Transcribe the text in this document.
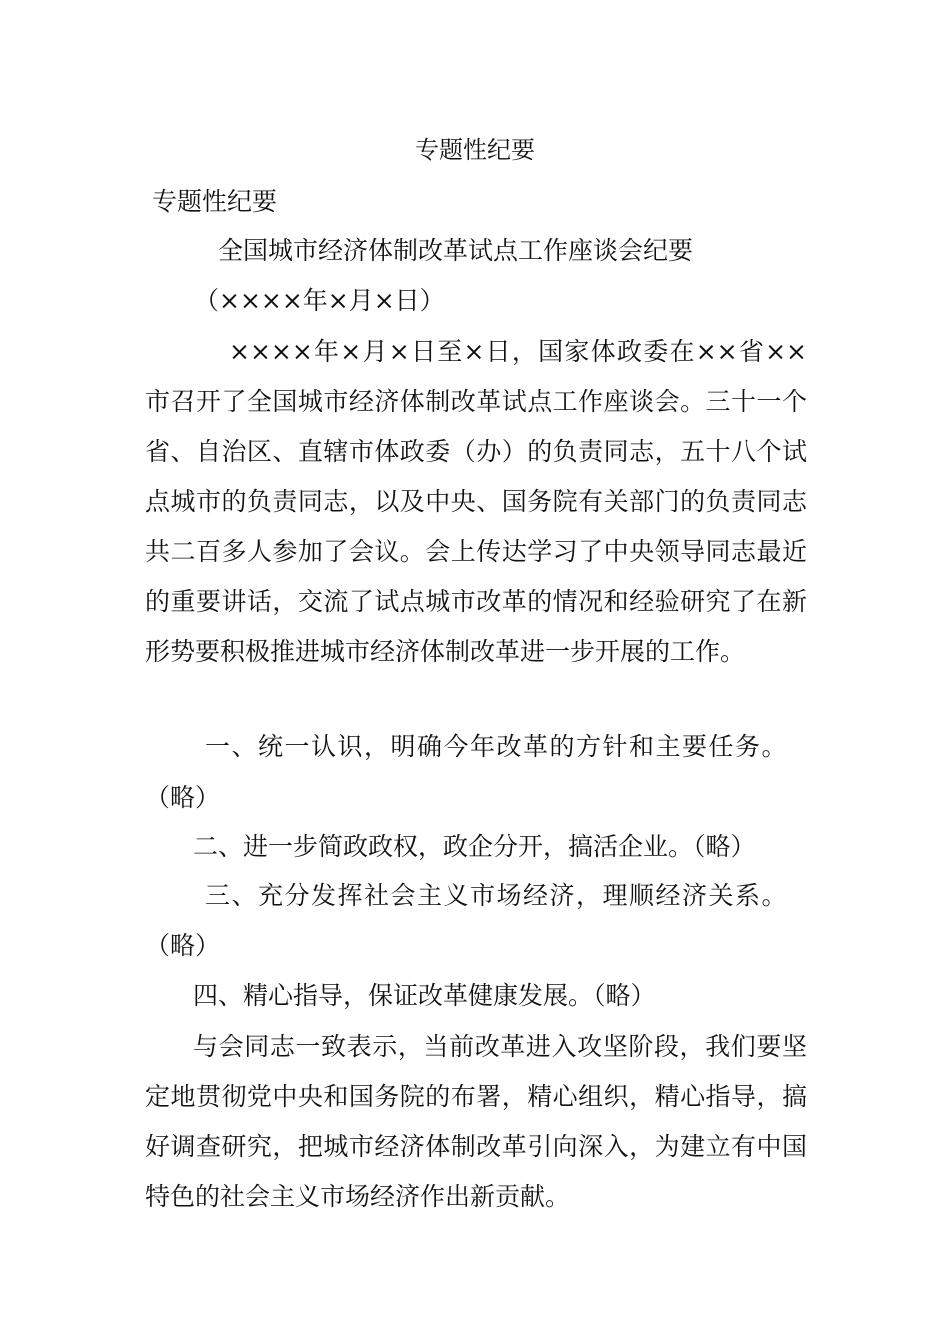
专题性纪要

专题性纪要

全国城市经济体制改革试点工作座谈会纪要

（××××年×月×日）

××××年×月×日至×日，国家体政委在××省××市召开了全国城市经济体制改革试点工作座谈会。三十一个省、自治区、直辖市体政委（办）的负责同志，五十八个试点城市的负责同志，以及中央、国务院有关部门的负责同志共二百多人参加了会议。会上传达学习了中央领导同志最近的重要讲话，交流了试点城市改革的情况和经验研究了在新形势要积极推进城市经济体制改革进一步开展的工作。

一、统一认识，明确今年改革的方针和主要任务。

（略）

二、进一步简政政权，政企分开，搞活企业。（略）

三、充分发挥社会主义市场经济，理顺经济关系。

（略）

四、精心指导，保证改革健康发展。（略）

与会同志一致表示，当前改革进入攻坚阶段，我们要坚定地贯彻党中央和国务院的布署，精心组织，精心指导，搞好调查研究，把城市经济体制改革引向深入，为建立有中国特色的社会主义市场经济作出新贡献。
